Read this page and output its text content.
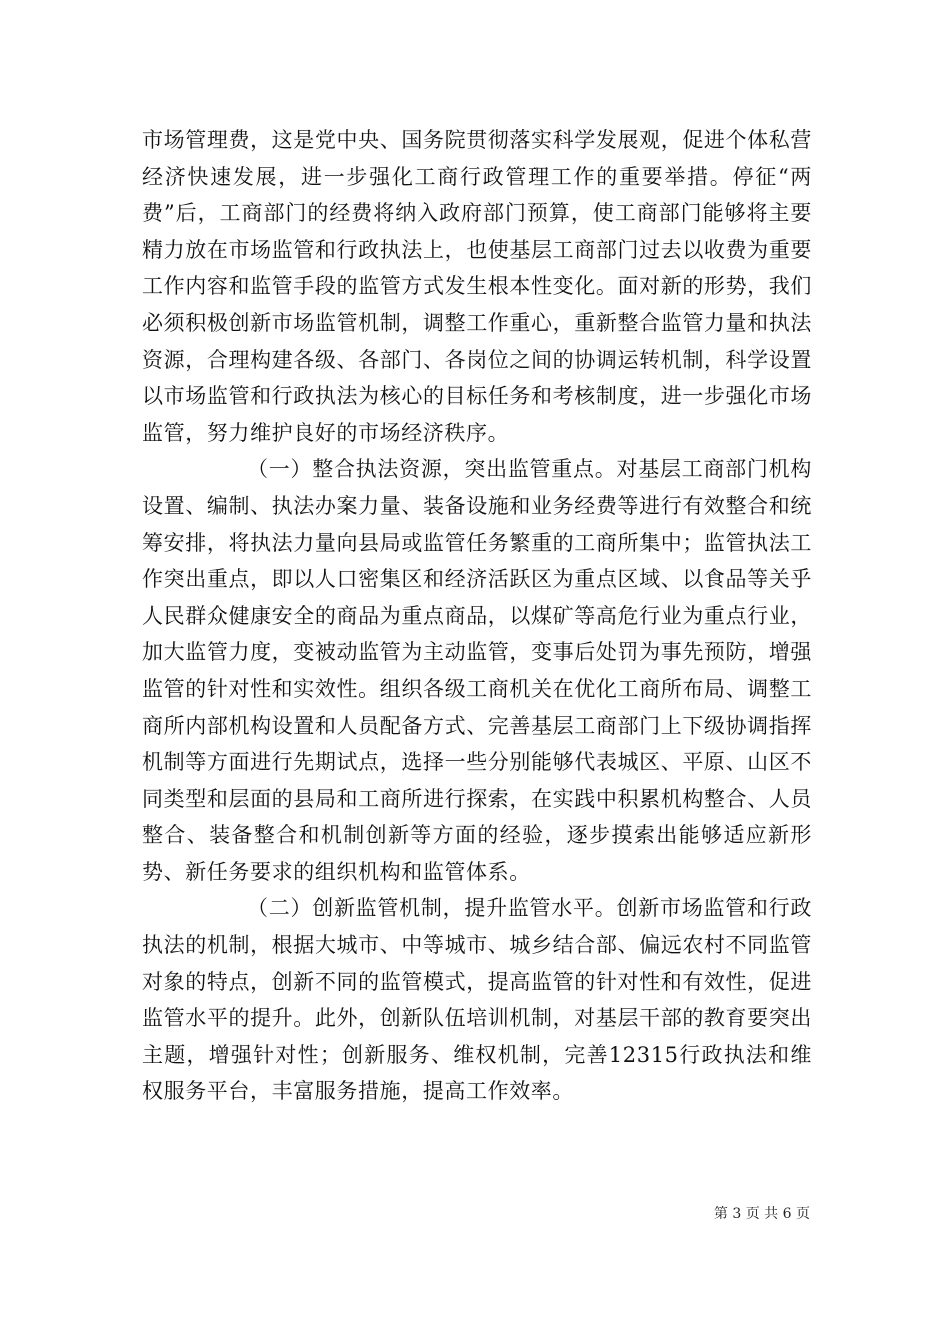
市场管理费，这是党中央、国务院贯彻落实科学发展观，促进个体私营经济快速发展，进一步强化工商行政管理工作的重要举措。停征“两费”后，工商部门的经费将纳入政府部门预算，使工商部门能够将主要精力放在市场监管和行政执法上，也使基层工商部门过去以收费为重要工作内容和监管手段的监管方式发生根本性变化。面对新的形势，我们必须积极创新市场监管机制，调整工作重心，重新整合监管力量和执法资源，合理构建各级、各部门、各岗位之间的协调运转机制，科学设置以市场监管和行政执法为核心的目标任务和考核制度，进一步强化市场监管，努力维护良好的市场经济秩序。

（一）整合执法资源，突出监管重点。对基层工商部门机构设置、编制、执法办案力量、装备设施和业务经费等进行有效整合和统筹安排，将执法力量向县局或监管任务繁重的工商所集中；监管执法工作突出重点，即以人口密集区和经济活跃区为重点区域、以食品等关乎人民群众健康安全的商品为重点商品，以煤矿等高危行业为重点行业，加大监管力度，变被动监管为主动监管，变事后处罚为事先预防，增强监管的针对性和实效性。组织各级工商机关在优化工商所布局、调整工商所内部机构设置和人员配备方式、完善基层工商部门上下级协调指挥机制等方面进行先期试点，选择一些分别能够代表城区、平原、山区不同类型和层面的县局和工商所进行探索，在实践中积累机构整合、人员整合、装备整合和机制创新等方面的经验，逐步摸索出能够适应新形势、新任务要求的组织机构和监管体系。

（二）创新监管机制，提升监管水平。创新市场监管和行政执法的机制，根据大城市、中等城市、城乡结合部、偏远农村不同监管对象的特点，创新不同的监管模式，提高监管的针对性和有效性，促进监管水平的提升。此外，创新队伍培训机制，对基层干部的教育要突出主题，增强针对性；创新服务、维权机制，完善12315行政执法和维权服务平台，丰富服务措施，提高工作效率。

第 3 页 共 6 页
